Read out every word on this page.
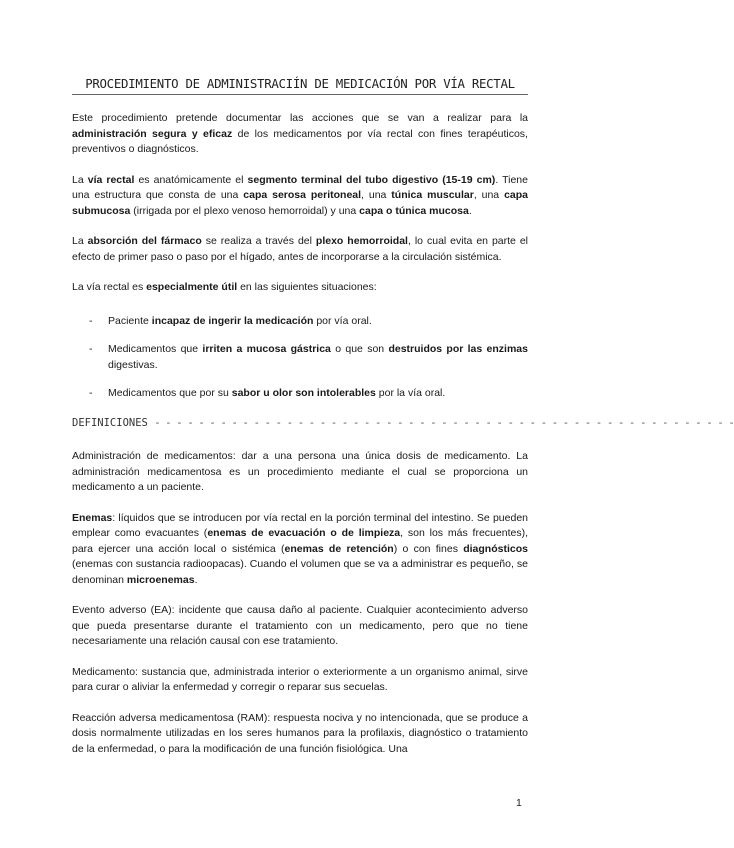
PROCEDIMIENTO DE ADMINISTRACIÍN DE MEDICACIÓN POR VÍA RECTAL

Este procedimiento pretende documentar las acciones que se van a realizar para la administración segura y eficaz de los medicamentos por vía rectal con fines terapéuticos, preventivos o diagnósticos.

La vía rectal es anatómicamente el segmento terminal del tubo digestivo (15-19 cm). Tiene una estructura que consta de una capa serosa peritoneal, una túnica muscular, una capa submucosa (irrigada por el plexo venoso hemorroidal) y una capa o túnica mucosa.

La absorción del fármaco se realiza a través del plexo hemorroidal, lo cual evita en parte el efecto de primer paso o paso por el hígado, antes de incorporarse a la circulación sistémica.

La vía rectal es especialmente útil en las siguientes situaciones:

- Paciente incapaz de ingerir la medicación por vía oral.
- Medicamentos que irriten a mucosa gástrica o que son destruidos por las enzimas digestivas.
- Medicamentos que por su sabor u olor son intolerables por la vía oral.
DEFINICIONES - - - - - - - - - - - - - - - - - - - - - - - - - - - - - - - - - - - - - - - - - - - - - - - - - - - - -

Administración de medicamentos: dar a una persona una única dosis de medicamento. La administración medicamentosa es un procedimiento mediante el cual se proporciona un medicamento a un paciente.

Enemas: líquidos que se introducen por vía rectal en la porción terminal del intestino. Se pueden emplear como evacuantes (enemas de evacuación o de limpieza, son los más frecuentes), para ejercer una acción local o sistémica (enemas de retención) o con fines diagnósticos (enemas con sustancia radioopacas). Cuando el volumen que se va a administrar es pequeño, se denominan microenemas.

Evento adverso (EA): incidente que causa daño al paciente. Cualquier acontecimiento adverso que pueda presentarse durante el tratamiento con un medicamento, pero que no tiene necesariamente una relación causal con ese tratamiento.

Medicamento: sustancia que, administrada interior o exteriormente a un organismo animal, sirve para curar o aliviar la enfermedad y corregir o reparar sus secuelas.

Reacción adversa medicamentosa (RAM): respuesta nociva y no intencionada, que se produce a dosis normalmente utilizadas en los seres humanos para la profilaxis, diagnóstico o tratamiento de la enfermedad, o para la modificación de una función fisiológica. Una

1
